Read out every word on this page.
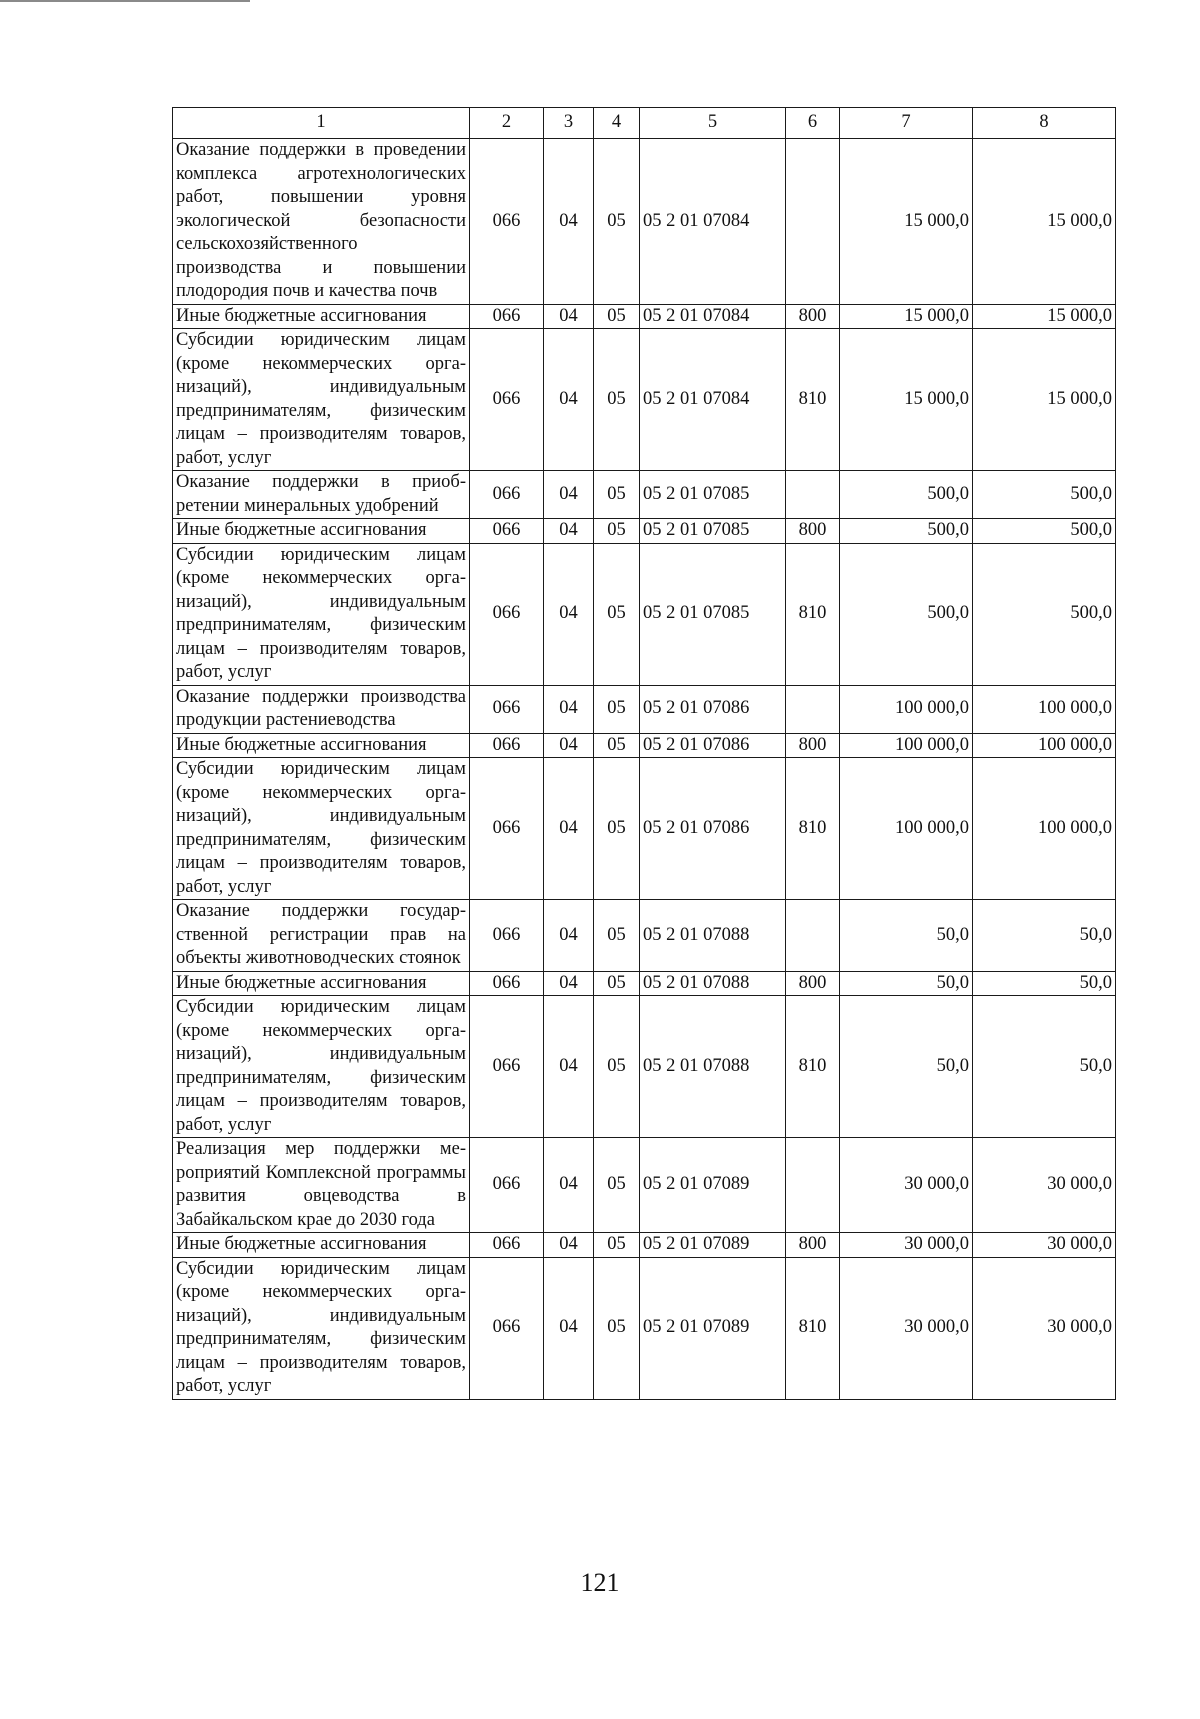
1	2	3	4	5	6	7	8
Оказание поддержки в проведении комплекса агротехнологических работ, повышении уровня экологической безопасности сельскохозяйственного производства и повышении плодородия почв и качества почв	066	04	05	05 2 01 07084		15 000,0	15 000,0
Иные бюджетные ассигнования	066	04	05	05 2 01 07084	800	15 000,0	15 000,0
Субсидии юридическим лицам (кроме некоммерческих организаций), индивидуальным предпринимателям, физическим лицам – производителям товаров, работ, услуг	066	04	05	05 2 01 07084	810	15 000,0	15 000,0
Оказание поддержки в приобретении минеральных удобрений	066	04	05	05 2 01 07085		500,0	500,0
Иные бюджетные ассигнования	066	04	05	05 2 01 07085	800	500,0	500,0
Субсидии юридическим лицам (кроме некоммерческих организаций), индивидуальным предпринимателям, физическим лицам – производителям товаров, работ, услуг	066	04	05	05 2 01 07085	810	500,0	500,0
Оказание поддержки производства продукции растениеводства	066	04	05	05 2 01 07086		100 000,0	100 000,0
Иные бюджетные ассигнования	066	04	05	05 2 01 07086	800	100 000,0	100 000,0
Субсидии юридическим лицам (кроме некоммерческих организаций), индивидуальным предпринимателям, физическим лицам – производителям товаров, работ, услуг	066	04	05	05 2 01 07086	810	100 000,0	100 000,0
Оказание поддержки государственной регистрации прав на объекты животноводческих стоянок	066	04	05	05 2 01 07088		50,0	50,0
Иные бюджетные ассигнования	066	04	05	05 2 01 07088	800	50,0	50,0
Субсидии юридическим лицам (кроме некоммерческих организаций), индивидуальным предпринимателям, физическим лицам – производителям товаров, работ, услуг	066	04	05	05 2 01 07088	810	50,0	50,0
Реализация мер поддержки мероприятий Комплексной программы развития овцеводства в Забайкальском крае до 2030 года	066	04	05	05 2 01 07089		30 000,0	30 000,0
Иные бюджетные ассигнования	066	04	05	05 2 01 07089	800	30 000,0	30 000,0
Субсидии юридическим лицам (кроме некоммерческих организаций), индивидуальным предпринимателям, физическим лицам – производителям товаров, работ, услуг	066	04	05	05 2 01 07089	810	30 000,0	30 000,0
121
